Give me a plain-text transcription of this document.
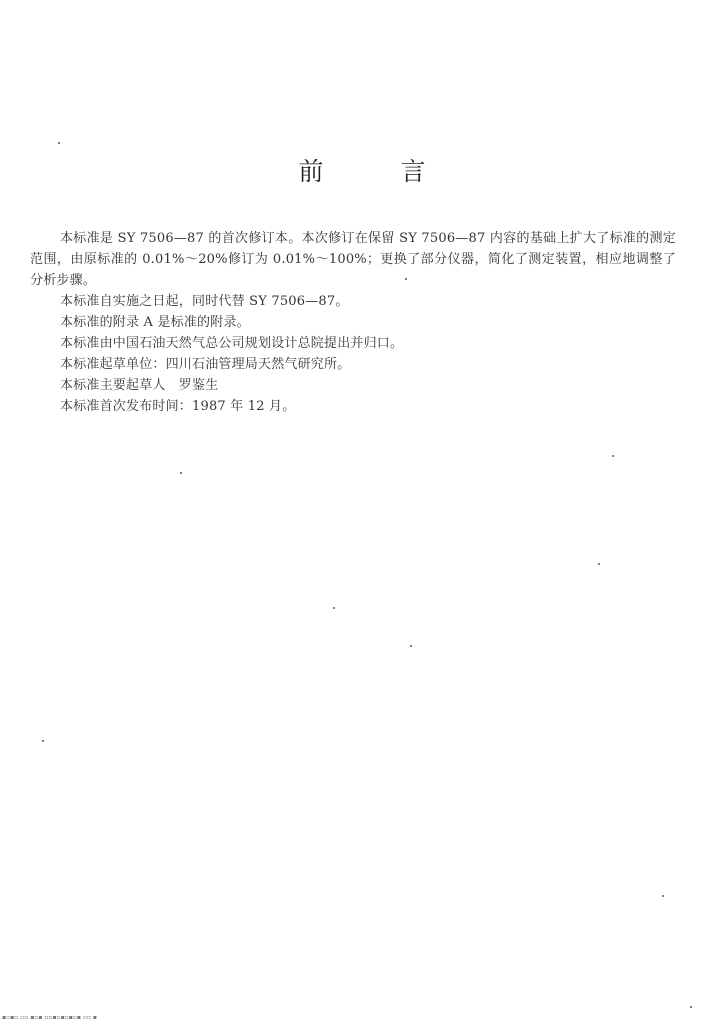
前	言

本标准是 SY 7506—87 的首次修订本。本次修订在保留 SY 7506—87 内容的基础上扩大了标准的测定范围，由原标准的 0.01%～20%修订为 0.01%～100%；更换了部分仪器，简化了测定装置，相应地调整了分析步骤。

本标准自实施之日起，同时代替 SY 7506—87。

本标准的附录 A 是标准的附录。

本标准由中国石油天然气总公司规划设计总院提出并归口。

本标准起草单位：四川石油管理局天然气研究所。

本标准主要起草人　罗鉴生

本标准首次发布时间：1987 年 12 月。

▪▫▪▫ ▫▫ ▪▫▪ ▫▫▪▫▪▫▪▫▪ ▫▫ ▪
